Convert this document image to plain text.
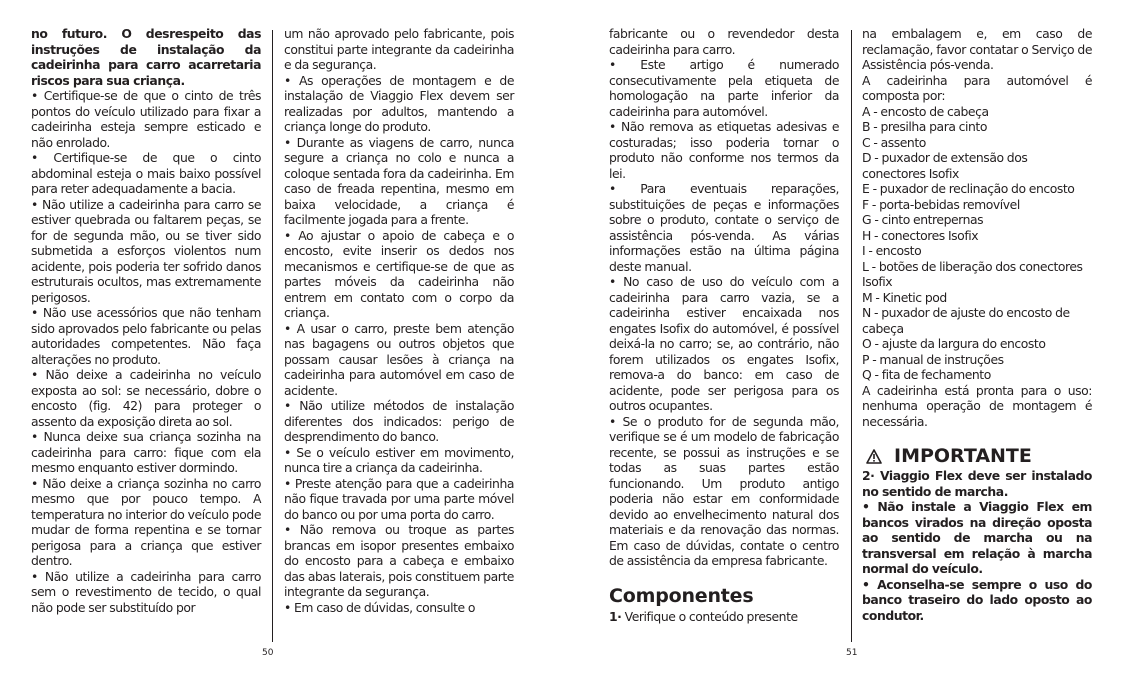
no futuro. O desrespeito das instruções de instalação da cadeirinha para carro acarretaria riscos para sua criança.

• Certifique-se de que o cinto de três pontos do veículo utilizado para fixar a cadeirinha esteja sempre esticado e não enrolado.

• Certifique-se de que o cinto abdominal esteja o mais baixo possível para reter adequadamente a bacia.

• Não utilize a cadeirinha para carro se estiver quebrada ou faltarem peças, se for de segunda mão, ou se tiver sido submetida a esforços violentos num acidente, pois poderia ter sofrido danos estruturais ocultos, mas extremamente perigosos.

• Não use acessórios que não tenham sido aprovados pelo fabricante ou pelas autoridades competentes. Não faça alterações no produto.

• Não deixe a cadeirinha no veículo exposta ao sol: se necessário, dobre o encosto (fig. 42) para proteger o assento da exposição direta ao sol.

• Nunca deixe sua criança sozinha na cadeirinha para carro: fique com ela mesmo enquanto estiver dormindo.

• Não deixe a criança sozinha no carro mesmo que por pouco tempo. A temperatura no interior do veículo pode mudar de forma repentina e se tornar perigosa para a criança que estiver dentro.

• Não utilize a cadeirinha para carro sem o revestimento de tecido, o qual não pode ser substituído por

um não aprovado pelo fabricante, pois constitui parte integrante da cadeirinha e da segurança.

• As operações de montagem e de instalação de Viaggio Flex devem ser realizadas por adultos, mantendo a criança longe do produto.

• Durante as viagens de carro, nunca segure a criança no colo e nunca a coloque sentada fora da cadeirinha. Em caso de freada repentina, mesmo em baixa velocidade, a criança é facilmente jogada para a frente.

• Ao ajustar o apoio de cabeça e o encosto, evite inserir os dedos nos mecanismos e certifique-se de que as partes móveis da cadeirinha não entrem em contato com o corpo da criança.

• A usar o carro, preste bem atenção nas bagagens ou outros objetos que possam causar lesões à criança na cadeirinha para automóvel em caso de acidente.

• Não utilize métodos de instalação diferentes dos indicados: perigo de desprendimento do banco.

• Se o veículo estiver em movimento, nunca tire a criança da cadeirinha.

• Preste atenção para que a cadeirinha não fique travada por uma parte móvel do banco ou por uma porta do carro.

• Não remova ou troque as partes brancas em isopor presentes embaixo do encosto para a cabeça e embaixo das abas laterais, pois constituem parte integrante da segurança.

• Em caso de dúvidas, consulte o

50

fabricante ou o revendedor desta cadeirinha para carro.

• Este artigo é numerado consecutivamente pela etiqueta de homologação na parte inferior da cadeirinha para automóvel.

• Não remova as etiquetas adesivas e costuradas; isso poderia tornar o produto não conforme nos termos da lei.

• Para eventuais reparações, substituições de peças e informações sobre o produto, contate o serviço de assistência pós-venda. As várias informações estão na última página deste manual.

• No caso de uso do veículo com a cadeirinha para carro vazia, se a cadeirinha estiver encaixada nos engates Isofix do automóvel, é possível deixá-la no carro; se, ao contrário, não forem utilizados os engates Isofix, remova-a do banco: em caso de acidente, pode ser perigosa para os outros ocupantes.

• Se o produto for de segunda mão, verifique se é um modelo de fabricação recente, se possui as instruções e se todas as suas partes estão funcionando. Um produto antigo poderia não estar em conformidade devido ao envelhecimento natural dos materiais e da renovação das normas. Em caso de dúvidas, contate o centro de assistência da empresa fabricante.

Componentes

1· Verifique o conteúdo presente

na embalagem e, em caso de reclamação, favor contatar o Serviço de Assistência pós-venda.

A cadeirinha para automóvel é composta por:

A - encosto de cabeça

B - presilha para cinto

C - assento

D - puxador de extensão dos conectores Isofix

E - puxador de reclinação do encosto

F - porta-bebidas removível

G - cinto entrepernas

H - conectores Isofix

I - encosto

L - botões de liberação dos conectores Isofix

M - Kinetic pod

N - puxador de ajuste do encosto de cabeça

O - ajuste da largura do encosto

P - manual de instruções

Q - fita de fechamento

A cadeirinha está pronta para o uso: nenhuma operação de montagem é necessária.

IMPORTANTE

2· Viaggio Flex deve ser instalado no sentido de marcha.

• Não instale a Viaggio Flex em bancos virados na direção oposta ao sentido de marcha ou na transversal em relação à marcha normal do veículo.

• Aconselha-se sempre o uso do banco traseiro do lado oposto ao condutor.

51
